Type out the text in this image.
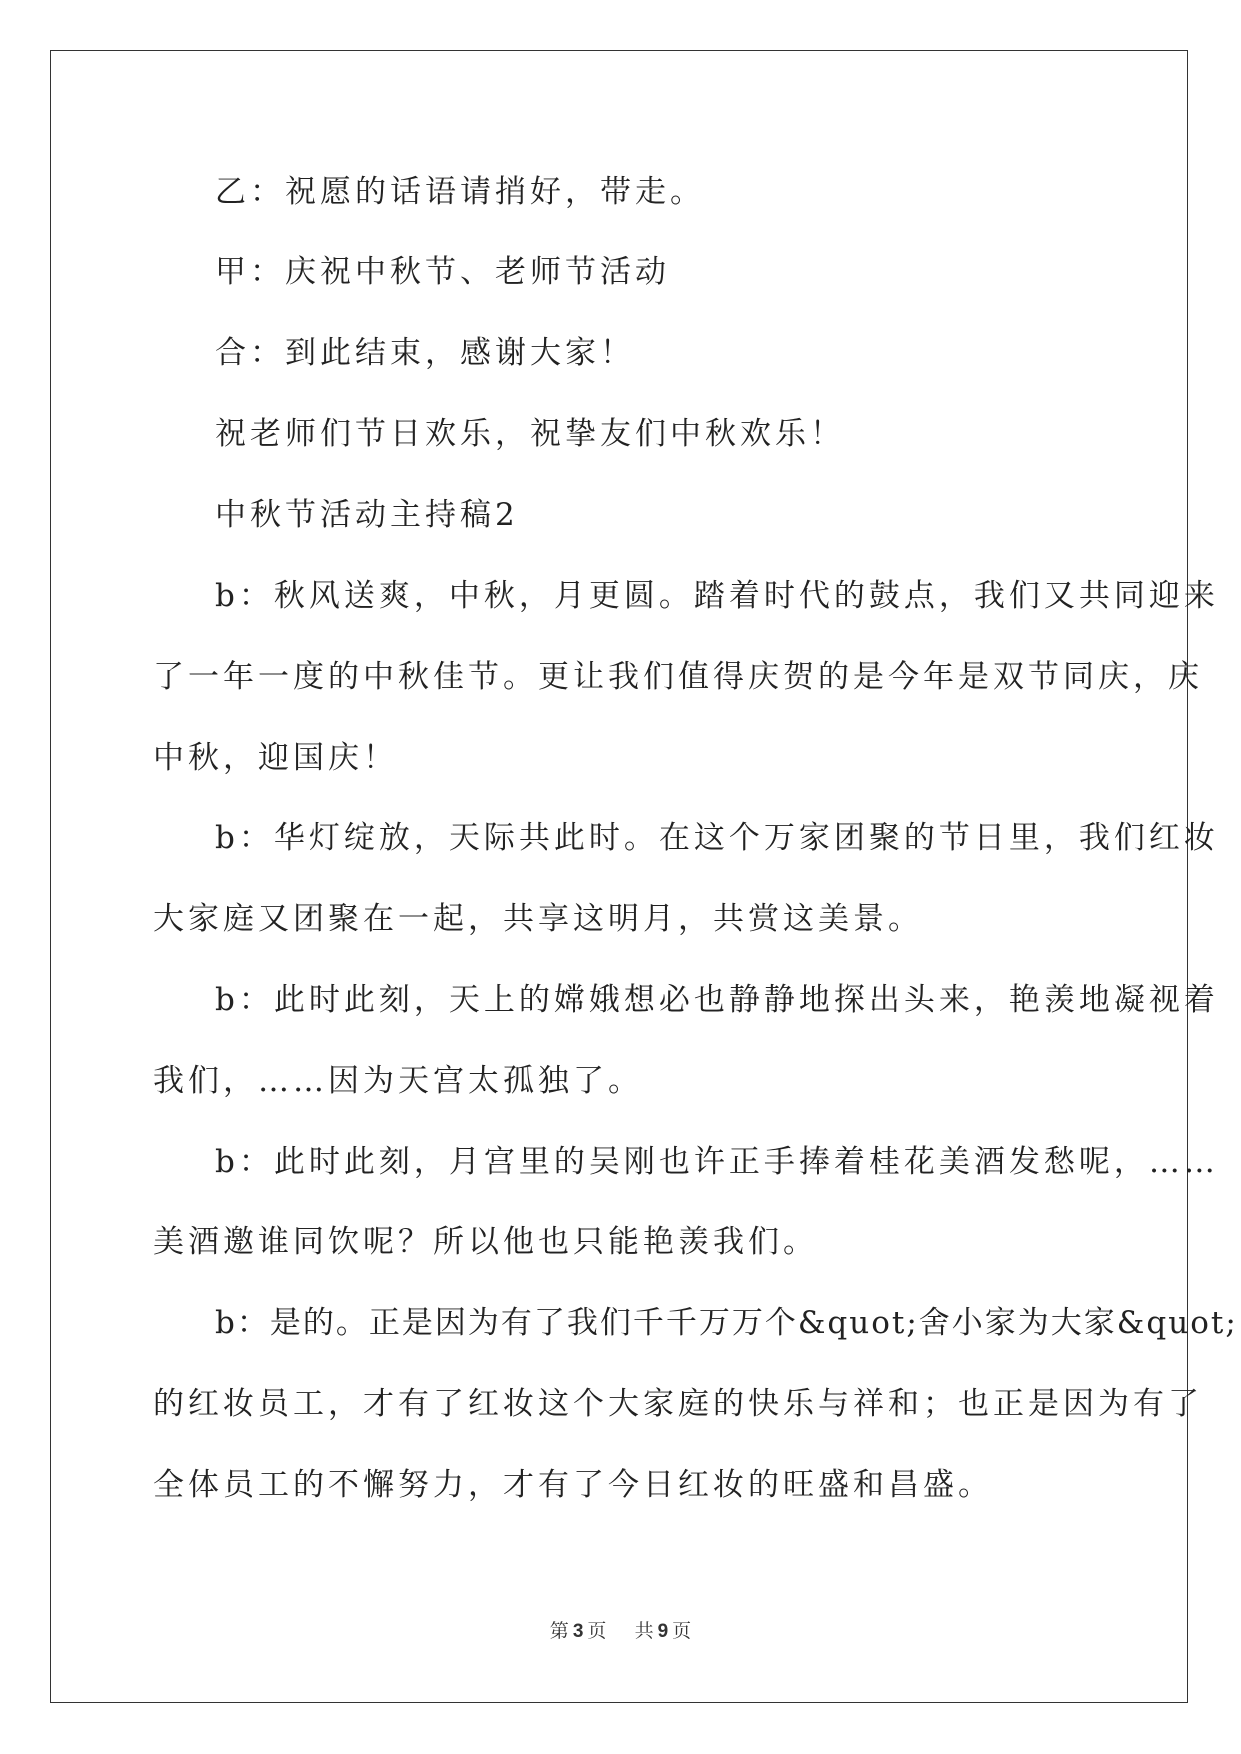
乙：祝愿的话语请捎好，带走。
甲：庆祝中秋节、老师节活动
合：到此结束，感谢大家！
祝老师们节日欢乐，祝挚友们中秋欢乐！
中秋节活动主持稿2
b：秋风送爽，中秋，月更圆。踏着时代的鼓点，我们又共同迎来
了一年一度的中秋佳节。更让我们值得庆贺的是今年是双节同庆，庆
中秋，迎国庆！
b：华灯绽放，天际共此时。在这个万家团聚的节日里，我们红妆
大家庭又团聚在一起，共享这明月，共赏这美景。
b：此时此刻，天上的嫦娥想必也静静地探出头来，艳羡地凝视着
我们，……因为天宫太孤独了。
b：此时此刻，月宫里的吴刚也许正手捧着桂花美酒发愁呢，……
美酒邀谁同饮呢？所以他也只能艳羡我们。
b：是的。正是因为有了我们千千万万个&quot;舍小家为大家&quot;
的红妆员工，才有了红妆这个大家庭的快乐与祥和；也正是因为有了
全体员工的不懈努力，才有了今日红妆的旺盛和昌盛。
第 3 页 共 9 页
